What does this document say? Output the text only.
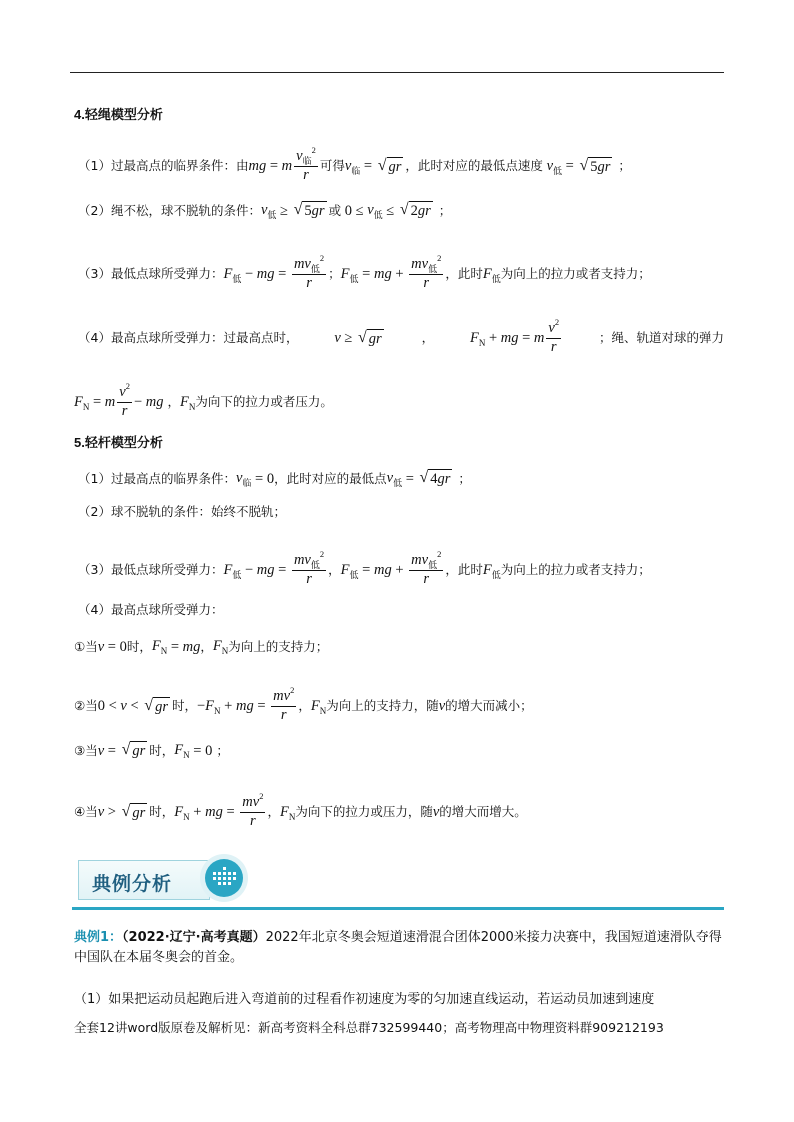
4.轻绳模型分析
（1）过最高点的临界条件：由 mg = m $\frac{v_临^2}{r}$ 可得 $v_临$ = √ gr ，此时对应的最低点速度 $v_低$ = √ 5gr ；
（2）绳不松，球不脱轨的条件： $v_低$ ≥ √ 5gr 或 $0 \le v_低$ ≤ √ 2gr ；
（3）最低点球所受弹力： $F_低$ − mg = $\frac{mv_低^2}{r}$ ； $F_低$ = mg + $\frac{mv_低^2}{r}$ ，此时 $F_低$ 为向上的拉力或者支持力；
（4）最高点球所受弹力：过最高点时， v ≥ √ gr	， $F_N$ + mg = m $\frac{v^2}{r}$	；绳、轨道对球的弹力
$F_N = m \frac{v^2}{r}$ − mg ， $F_N$ 为向下的拉力或者压力。
5.轻杆模型分析
（1）过最高点的临界条件： $v_临 = 0$ ，此时对应的最低点 $v_低$ = √ 4gr ；
（2）球不脱轨的条件：始终不脱轨；
（3）最低点球所受弹力： $F_低$ − mg = $\frac{mv_低^2}{r}$ ， $F_低$ = mg + $\frac{mv_低^2}{r}$ ，此时 $F_低$ 为向上的拉力或者支持力；
（4）最高点球所受弹力：
①当 v = 0 时， $F_N$ = mg ， $F_N$ 为向上的支持力；
②当 0 < v < √ gr 时， − $F_N$ + mg = $\frac{mv^2}{r}$ ， $F_N$ 为向上的支持力，随 v 的增大而减小；
③当 v = √ gr 时， $F_N = 0$ ；
④当 v > √ gr 时， $F_N$ + mg = $\frac{mv^2}{r}$ ， $F_N$ 为向下的拉力或压力，随 v 的增大而增大。
典例分析
典例1：（2022·辽宁·高考真题）2022年北京冬奥会短道速滑混合团体2000米接力决赛中，我国短道速滑队夺得中国队在本届冬奥会的首金。
（1）如果把运动员起跑后进入弯道前的过程看作初速度为零的匀加速直线运动，若运动员加速到速度
全套12讲word版原卷及解析见：新高考资料全科总群732599440；高考物理高中物理资料群909212193
